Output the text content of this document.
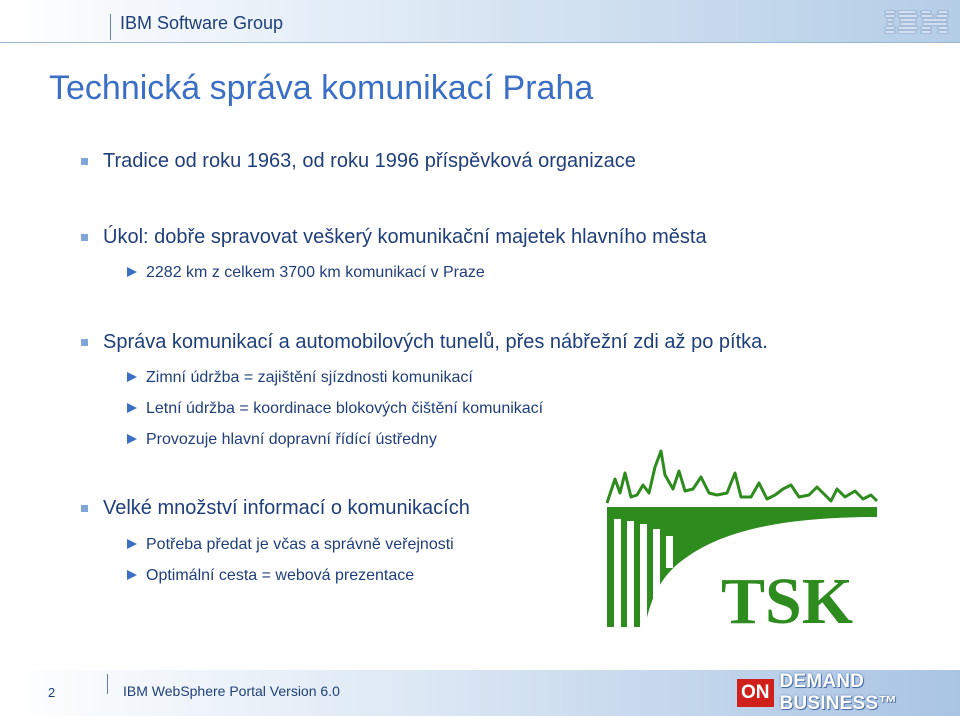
IBM Software Group
Technická správa komunikací Praha
Tradice od roku 1963, od roku 1996 příspěvková organizace
Úkol: dobře spravovat veškerý komunikační majetek hlavního města
2282 km z celkem 3700 km komunikací v Praze
Správa komunikací a automobilových tunelů, přes nábřežní zdi až po pítka.
Zimní údržba = zajištění sjízdnosti komunikací
Letní údržba = koordinace blokových čištění komunikací
Provozuje hlavní dopravní řídící ústředny
Velké množství informací o komunikacích
Potřeba předat je včas a správně veřejnosti
Optimální cesta = webová prezentace	TSK
2	IBM WebSphere Portal Version 6.0	ON
DEMAND BUSINESS™
